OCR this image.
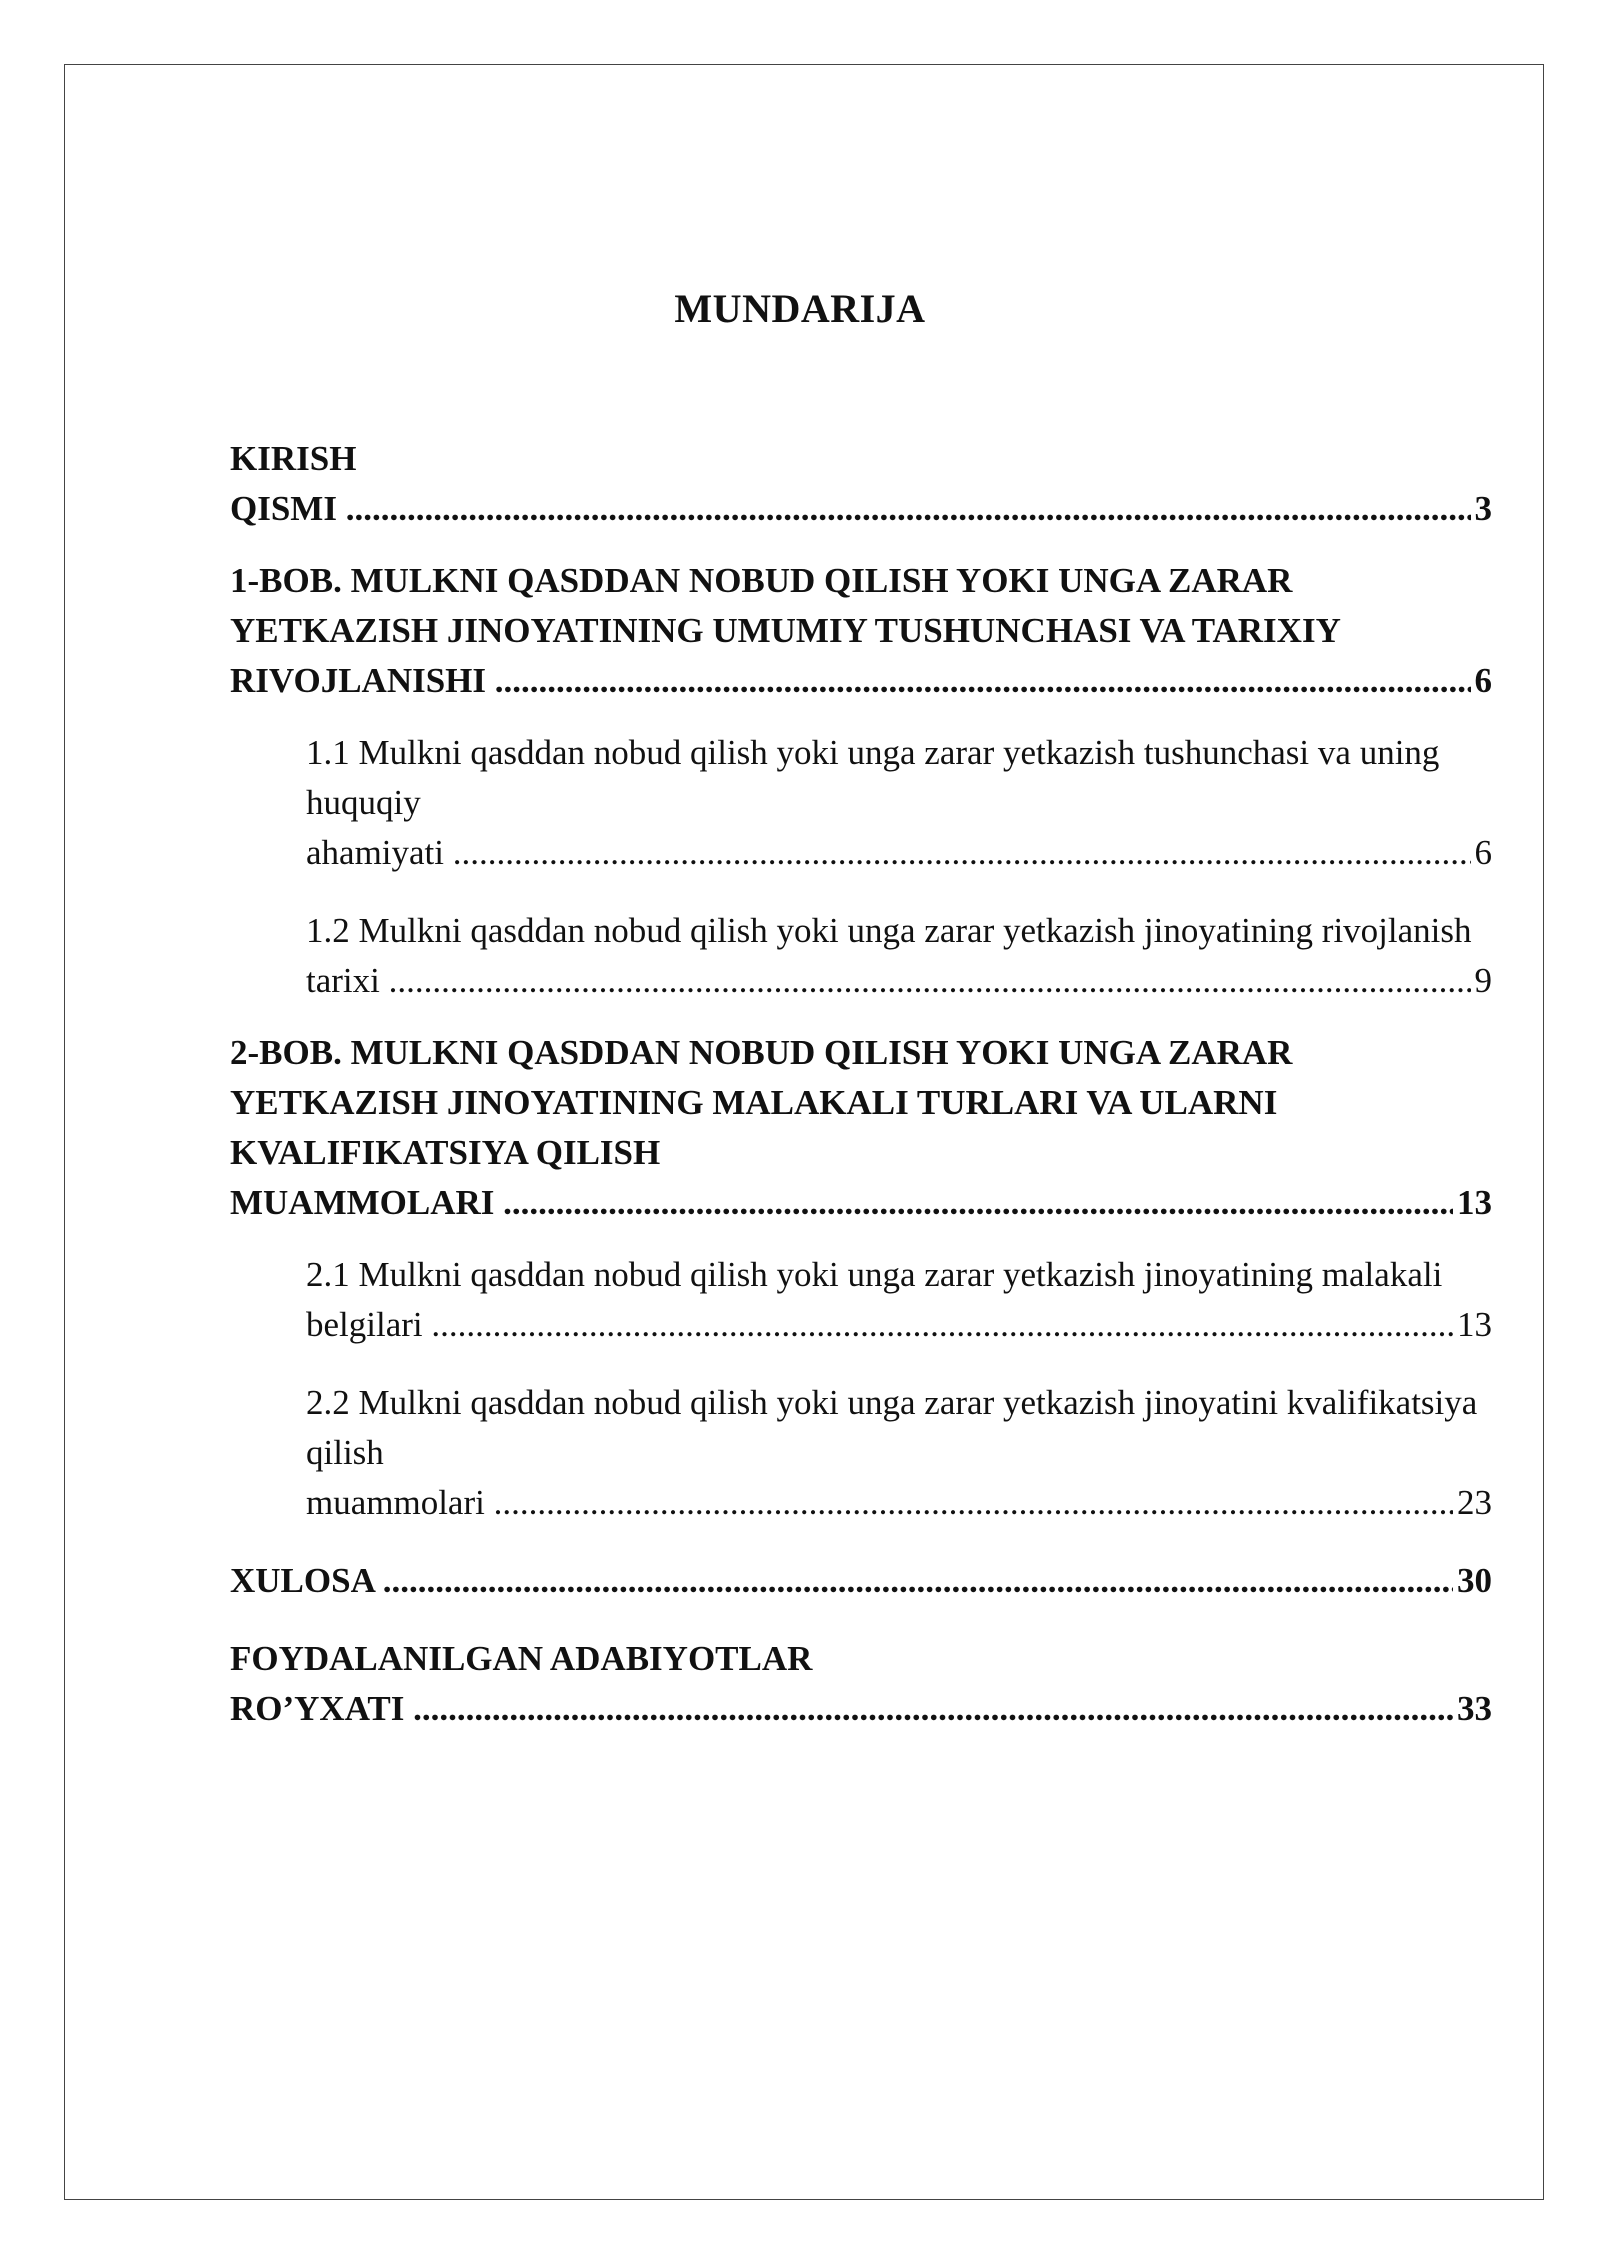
MUNDARIJA
KIRISH QISMI .....	3
1-BOB. MULKNI QASDDAN NOBUD QILISH YOKI UNGA ZARAR YETKAZISH JINOYATINING UMUMIY TUSHUNCHASI VA TARIXIY RIVOJLANISHI .....	6
1.1 Mulkni qasddan nobud qilish yoki unga zarar yetkazish tushunchasi va uning huquqiy ahamiyati .....	6
1.2 Mulkni qasddan nobud qilish yoki unga zarar yetkazish jinoyatining rivojlanish tarixi .....	9
2-BOB. MULKNI QASDDAN NOBUD QILISH YOKI UNGA ZARAR YETKAZISH JINOYATINING MALAKALI TURLARI VA ULARNI KVALIFIKATSIYA QILISH MUAMMOLARI .....	13
2.1 Mulkni qasddan nobud qilish yoki unga zarar yetkazish jinoyatining malakali belgilari .....	13
2.2 Mulkni qasddan nobud qilish yoki unga zarar yetkazish jinoyatini kvalifikatsiya qilish muammolari .....	23
XULOSA .....	30
FOYDALANILGAN ADABIYOTLAR RO’YXATI .....	33
